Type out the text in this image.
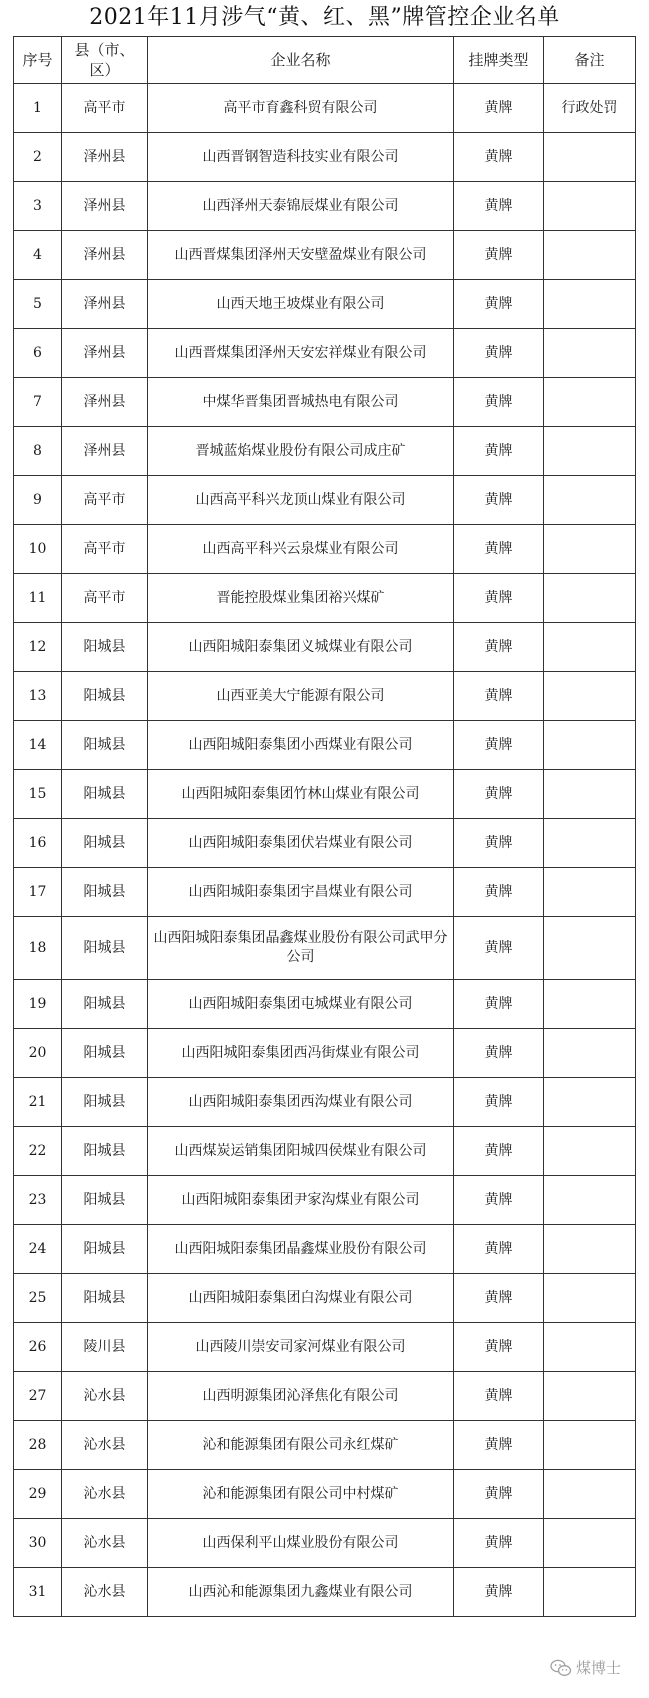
2021年11月涉气“黄、红、黑”牌管控企业名单
序号	县（市、区）	企业名称	挂牌类型	备注
1	高平市	高平市育鑫科贸有限公司	黄牌	行政处罚
2	泽州县	山西晋钢智造科技实业有限公司	黄牌	
3	泽州县	山西泽州天泰锦辰煤业有限公司	黄牌	
4	泽州县	山西晋煤集团泽州天安壁盈煤业有限公司	黄牌	
5	泽州县	山西天地王坡煤业有限公司	黄牌	
6	泽州县	山西晋煤集团泽州天安宏祥煤业有限公司	黄牌	
7	泽州县	中煤华晋集团晋城热电有限公司	黄牌	
8	泽州县	晋城蓝焰煤业股份有限公司成庄矿	黄牌	
9	高平市	山西高平科兴龙顶山煤业有限公司	黄牌	
10	高平市	山西高平科兴云泉煤业有限公司	黄牌	
11	高平市	晋能控股煤业集团裕兴煤矿	黄牌	
12	阳城县	山西阳城阳泰集团义城煤业有限公司	黄牌	
13	阳城县	山西亚美大宁能源有限公司	黄牌	
14	阳城县	山西阳城阳泰集团小西煤业有限公司	黄牌	
15	阳城县	山西阳城阳泰集团竹林山煤业有限公司	黄牌	
16	阳城县	山西阳城阳泰集团伏岩煤业有限公司	黄牌	
17	阳城县	山西阳城阳泰集团宇昌煤业有限公司	黄牌	
18	阳城县	山西阳城阳泰集团晶鑫煤业股份有限公司武甲分公司	黄牌	
19	阳城县	山西阳城阳泰集团屯城煤业有限公司	黄牌	
20	阳城县	山西阳城阳泰集团西冯街煤业有限公司	黄牌	
21	阳城县	山西阳城阳泰集团西沟煤业有限公司	黄牌	
22	阳城县	山西煤炭运销集团阳城四侯煤业有限公司	黄牌	
23	阳城县	山西阳城阳泰集团尹家沟煤业有限公司	黄牌	
24	阳城县	山西阳城阳泰集团晶鑫煤业股份有限公司	黄牌	
25	阳城县	山西阳城阳泰集团白沟煤业有限公司	黄牌	
26	陵川县	山西陵川崇安司家河煤业有限公司	黄牌	
27	沁水县	山西明源集团沁泽焦化有限公司	黄牌	
28	沁水县	沁和能源集团有限公司永红煤矿	黄牌	
29	沁水县	沁和能源集团有限公司中村煤矿	黄牌	
30	沁水县	山西保利平山煤业股份有限公司	黄牌	
31	沁水县	山西沁和能源集团九鑫煤业有限公司	黄牌	
煤博士
